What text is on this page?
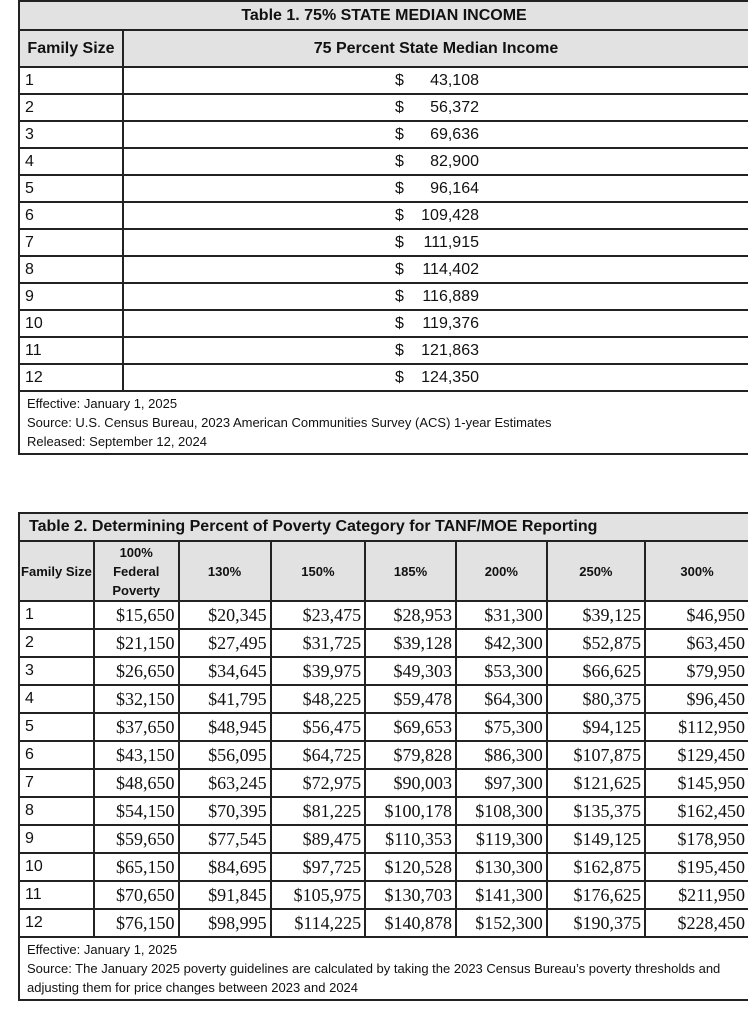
Table 1. 75% STATE MEDIAN INCOME	
Family Size	75 Percent State Median Income
1	$ 43,108

2	$ 56,372

3	$ 69,636

4	$ 82,900

5	$ 96,164

6	$ 109,428

7	$ 111,915

8	$ 114,402

9	$ 116,889

10	$ 119,376

11	$ 121,863

12	$ 124,350

Effective: January 1, 2025
Source: U.S. Census Bureau, 2023 American Communities Survey (ACS) 1-year Estimates
Released: September 12, 2024	
Table 2. Determining Percent of Poverty Category for TANF/MOE Reporting							
Family Size	100% Federal Poverty	130%	150%	185%	200%	250%	300%
1	$15,650	$20,345	$23,475	$28,953	$31,300	$39,125	$46,950
2	$21,150	$27,495	$31,725	$39,128	$42,300	$52,875	$63,450
3	$26,650	$34,645	$39,975	$49,303	$53,300	$66,625	$79,950
4	$32,150	$41,795	$48,225	$59,478	$64,300	$80,375	$96,450
5	$37,650	$48,945	$56,475	$69,653	$75,300	$94,125	$112,950
6	$43,150	$56,095	$64,725	$79,828	$86,300	$107,875	$129,450
7	$48,650	$63,245	$72,975	$90,003	$97,300	$121,625	$145,950
8	$54,150	$70,395	$81,225	$100,178	$108,300	$135,375	$162,450
9	$59,650	$77,545	$89,475	$110,353	$119,300	$149,125	$178,950
10	$65,150	$84,695	$97,725	$120,528	$130,300	$162,875	$195,450
11	$70,650	$91,845	$105,975	$130,703	$141,300	$176,625	$211,950
12	$76,150	$98,995	$114,225	$140,878	$152,300	$190,375	$228,450

Effective: January 1, 2025
Source: The January 2025 poverty guidelines are calculated by taking the 2023 Census Bureau’s poverty thresholds and adjusting them for price changes between 2023 and 2024							
